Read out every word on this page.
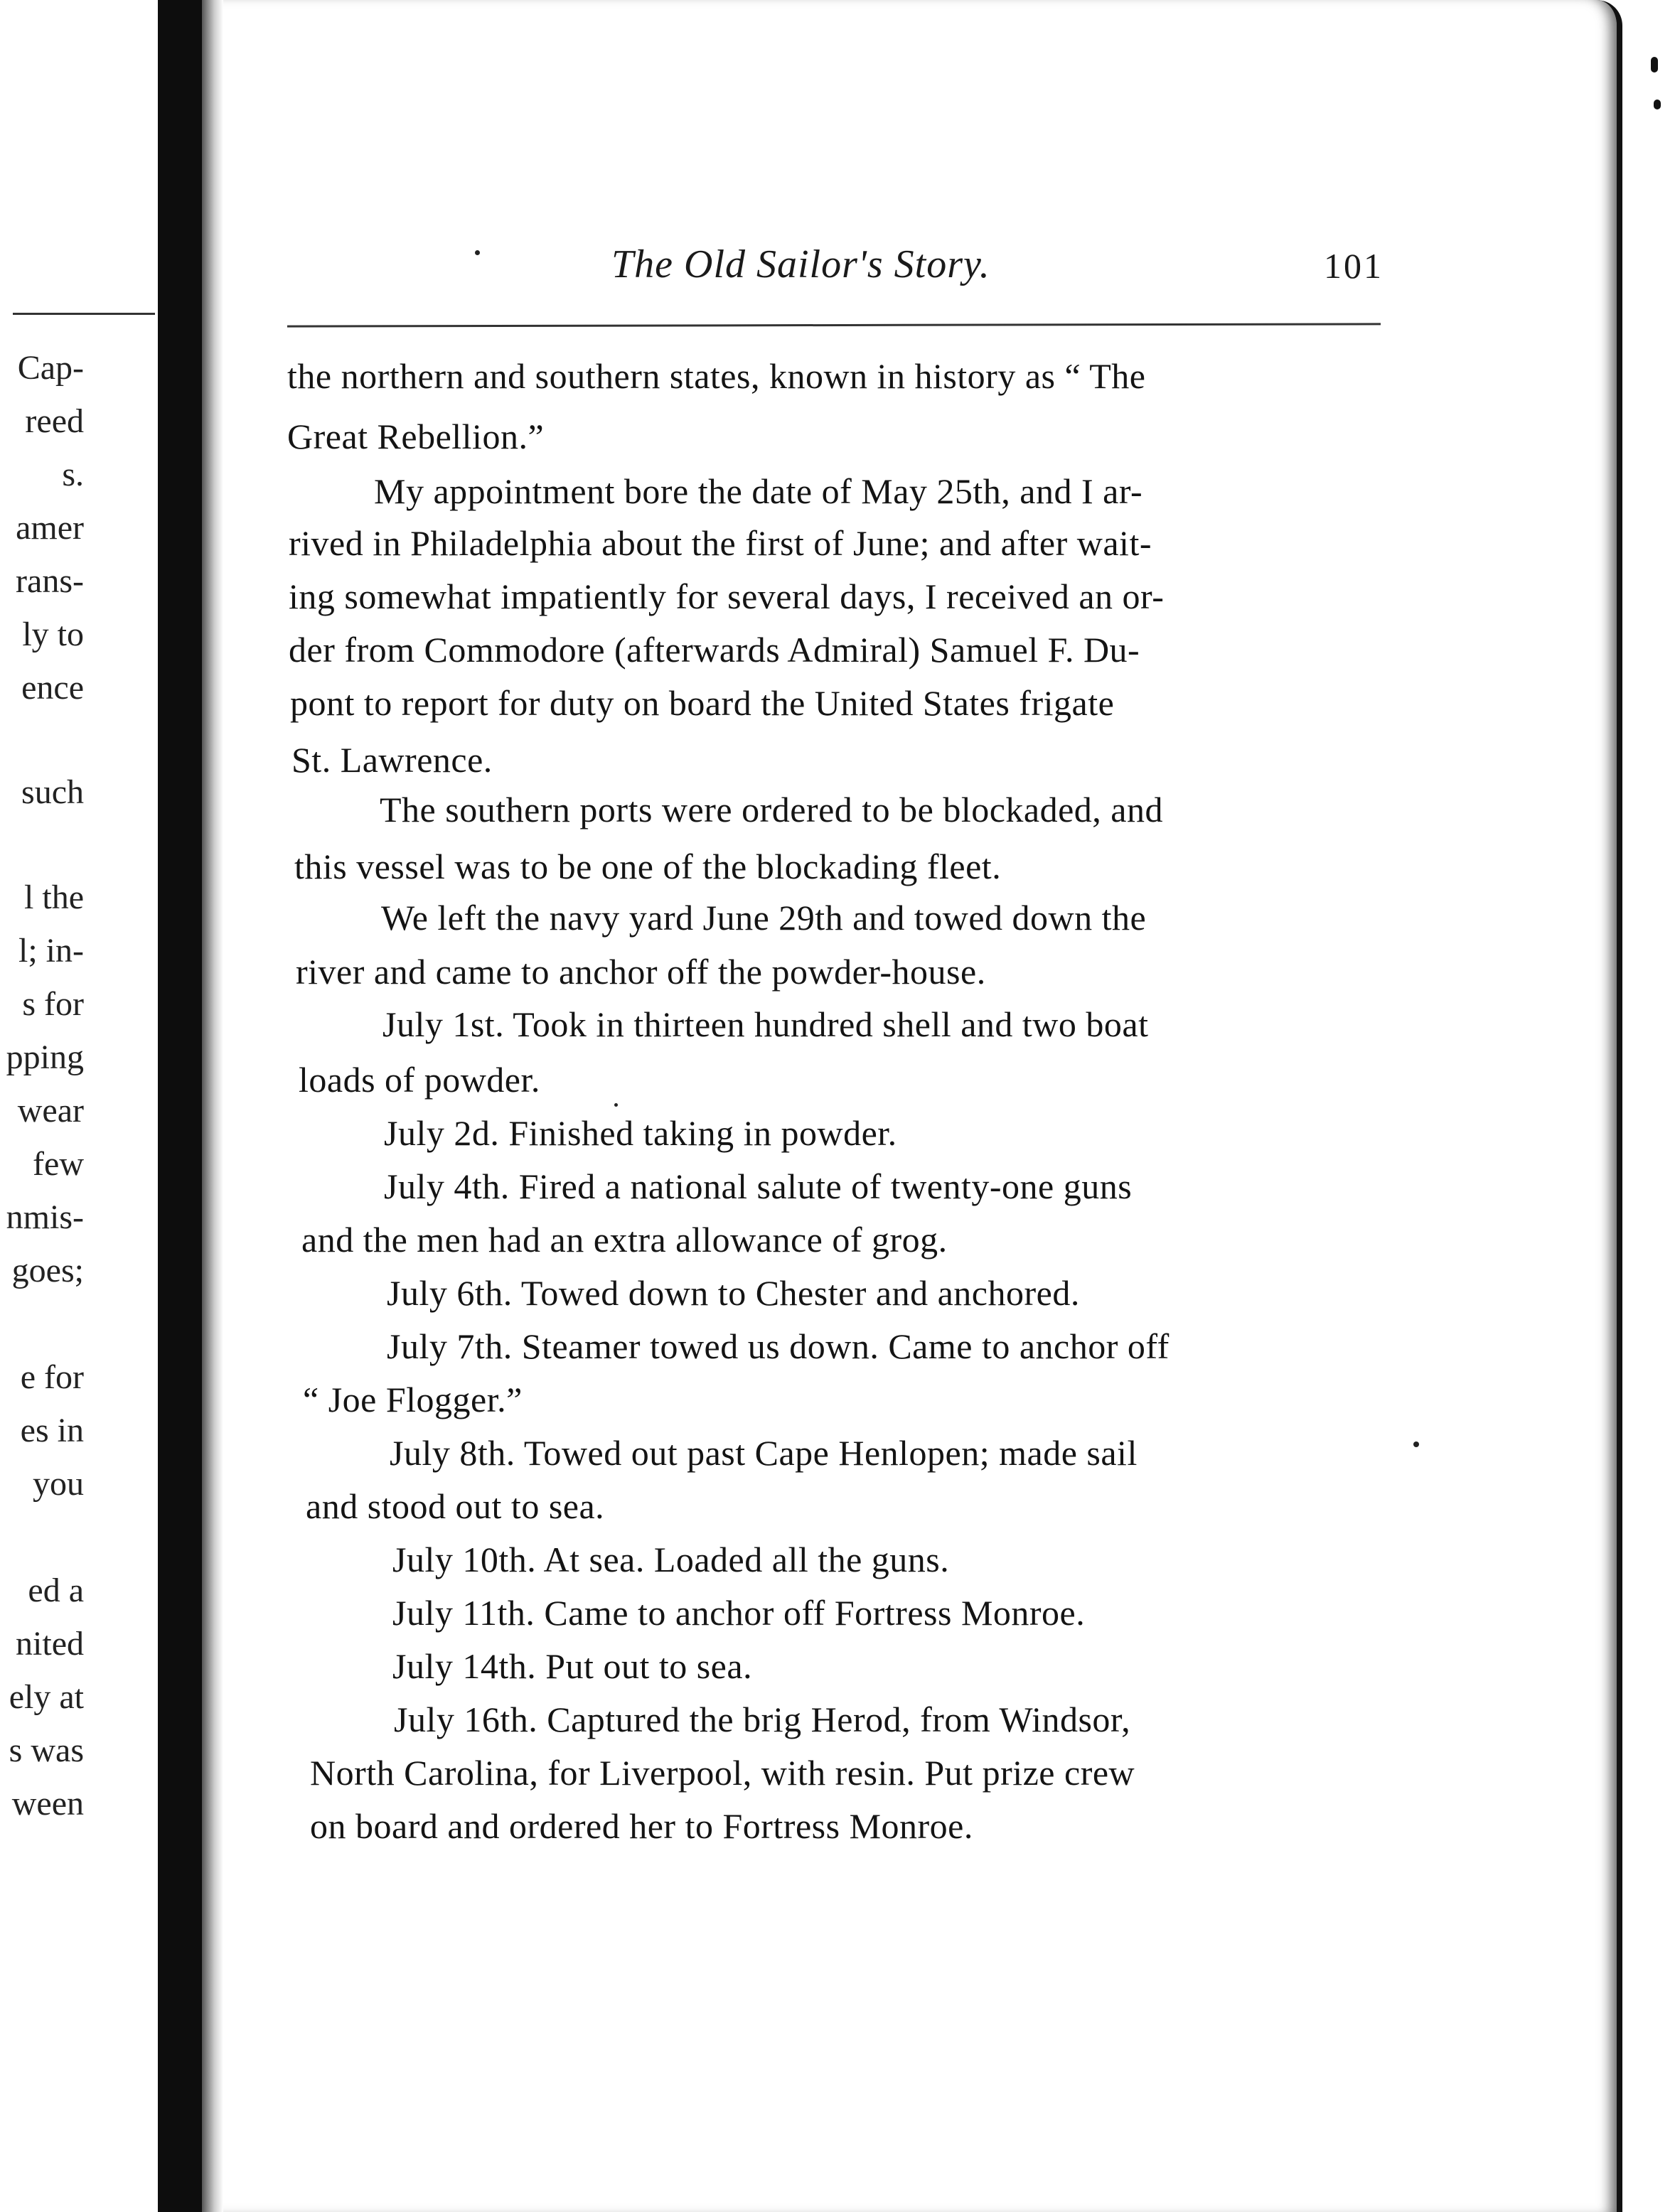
Cap-
reed
s.
amer
rans-
ly to
ence
such
l the
l; in-
s for
pping
wear
few
nmis-
goes;
e for
es in
you
ed a
nited
ely at
s was
ween
The Old Sailor's Story.	101
the northern and southern states, known in history as “ The
Great Rebellion.”
My appointment bore the date of May 25th, and I ar-
rived in Philadelphia about the first of June; and after wait-
ing somewhat impatiently for several days, I received an or-
der from Commodore (afterwards Admiral) Samuel F. Du-
pont to report for duty on board the United States frigate
St. Lawrence.
The southern ports were ordered to be blockaded, and
this vessel was to be one of the blockading fleet.
We left the navy yard June 29th and towed down the
river and came to anchor off the powder-house.
July 1st. Took in thirteen hundred shell and two boat
loads of powder.
July 2d. Finished taking in powder.
July 4th. Fired a national salute of twenty-one guns
and the men had an extra allowance of grog.
July 6th. Towed down to Chester and anchored.
July 7th. Steamer towed us down. Came to anchor off
“ Joe Flogger.”
July 8th. Towed out past Cape Henlopen; made sail
and stood out to sea.
July 10th. At sea. Loaded all the guns.
July 11th. Came to anchor off Fortress Monroe.
July 14th. Put out to sea.
July 16th. Captured the brig Herod, from Windsor,
North Carolina, for Liverpool, with resin. Put prize crew
on board and ordered her to Fortress Monroe.
